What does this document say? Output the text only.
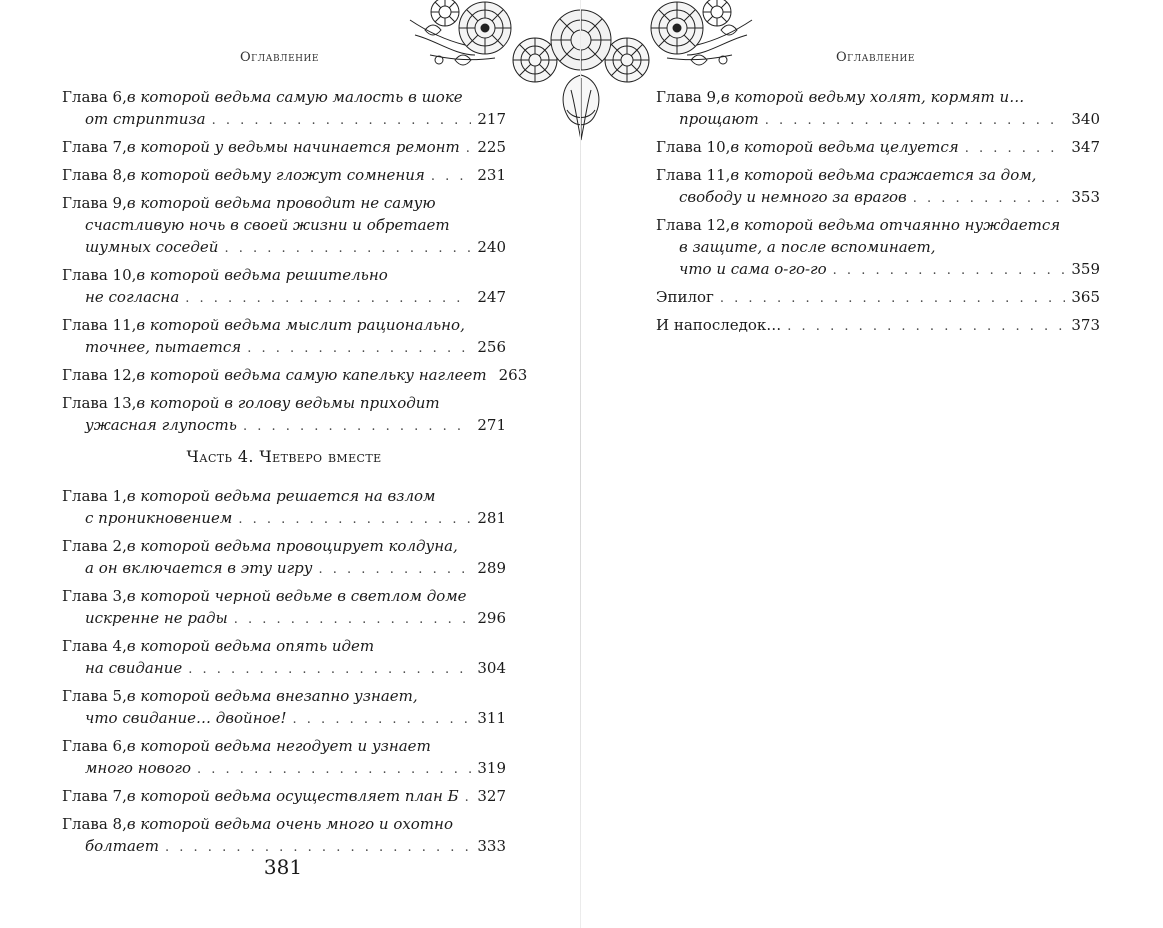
Оглавление
Глава 6, в которой ведьма самую малость в шоке
от стриптиза . . .	217
Глава 7, в которой у ведьмы начинается ремонт . . . 225
Глава 8, в которой ведьму гложут сомнения . . .	231
Глава 9, в которой ведьма проводит не самую
счастливую ночь в своей жизни и обретает
шумных соседей . . .	240
Глава 10, в которой ведьма решительно
не согласна . . .	247
Глава 11, в которой ведьма мыслит рационально,
точнее, пытается . . .	256
Глава 12, в которой ведьма самую капельку наглеет 263
Глава 13, в которой в голову ведьмы приходит
ужасная глупость . . .	271
Часть 4. Четверо вместе
Глава 1, в которой ведьма решается на взлом
с проникновением . . .	281
Глава 2, в которой ведьма провоцирует колдуна,
а он включается в эту игру . . .	289
Глава 3, в которой черной ведьме в светлом доме
искренне не рады . . .	296
Глава 4, в которой ведьма опять идет
на свидание . . .	304
Глава 5, в которой ведьма внезапно узнает,
что свидание… двойное! . . .	311
Глава 6, в которой ведьма негодует и узнает
много нового . . .	319
Глава 7, в которой ведьма осуществляет план Б . . . 327
Глава 8, в которой ведьма очень много и охотно
болтает . . .	333
381
Оглавление
Глава 9, в которой ведьму холят, кормят и…
прощают . . .	340
Глава 10, в которой ведьма целуется . . .	347
Глава 11, в которой ведьма сражается за дом,
свободу и немного за врагов . . .	353
Глава 12, в которой ведьма отчаянно нуждается
в защите, а после вспоминает,
что и сама о-го-го . . .	359
Эпилог . . .	365
И напоследок… . . .	373
